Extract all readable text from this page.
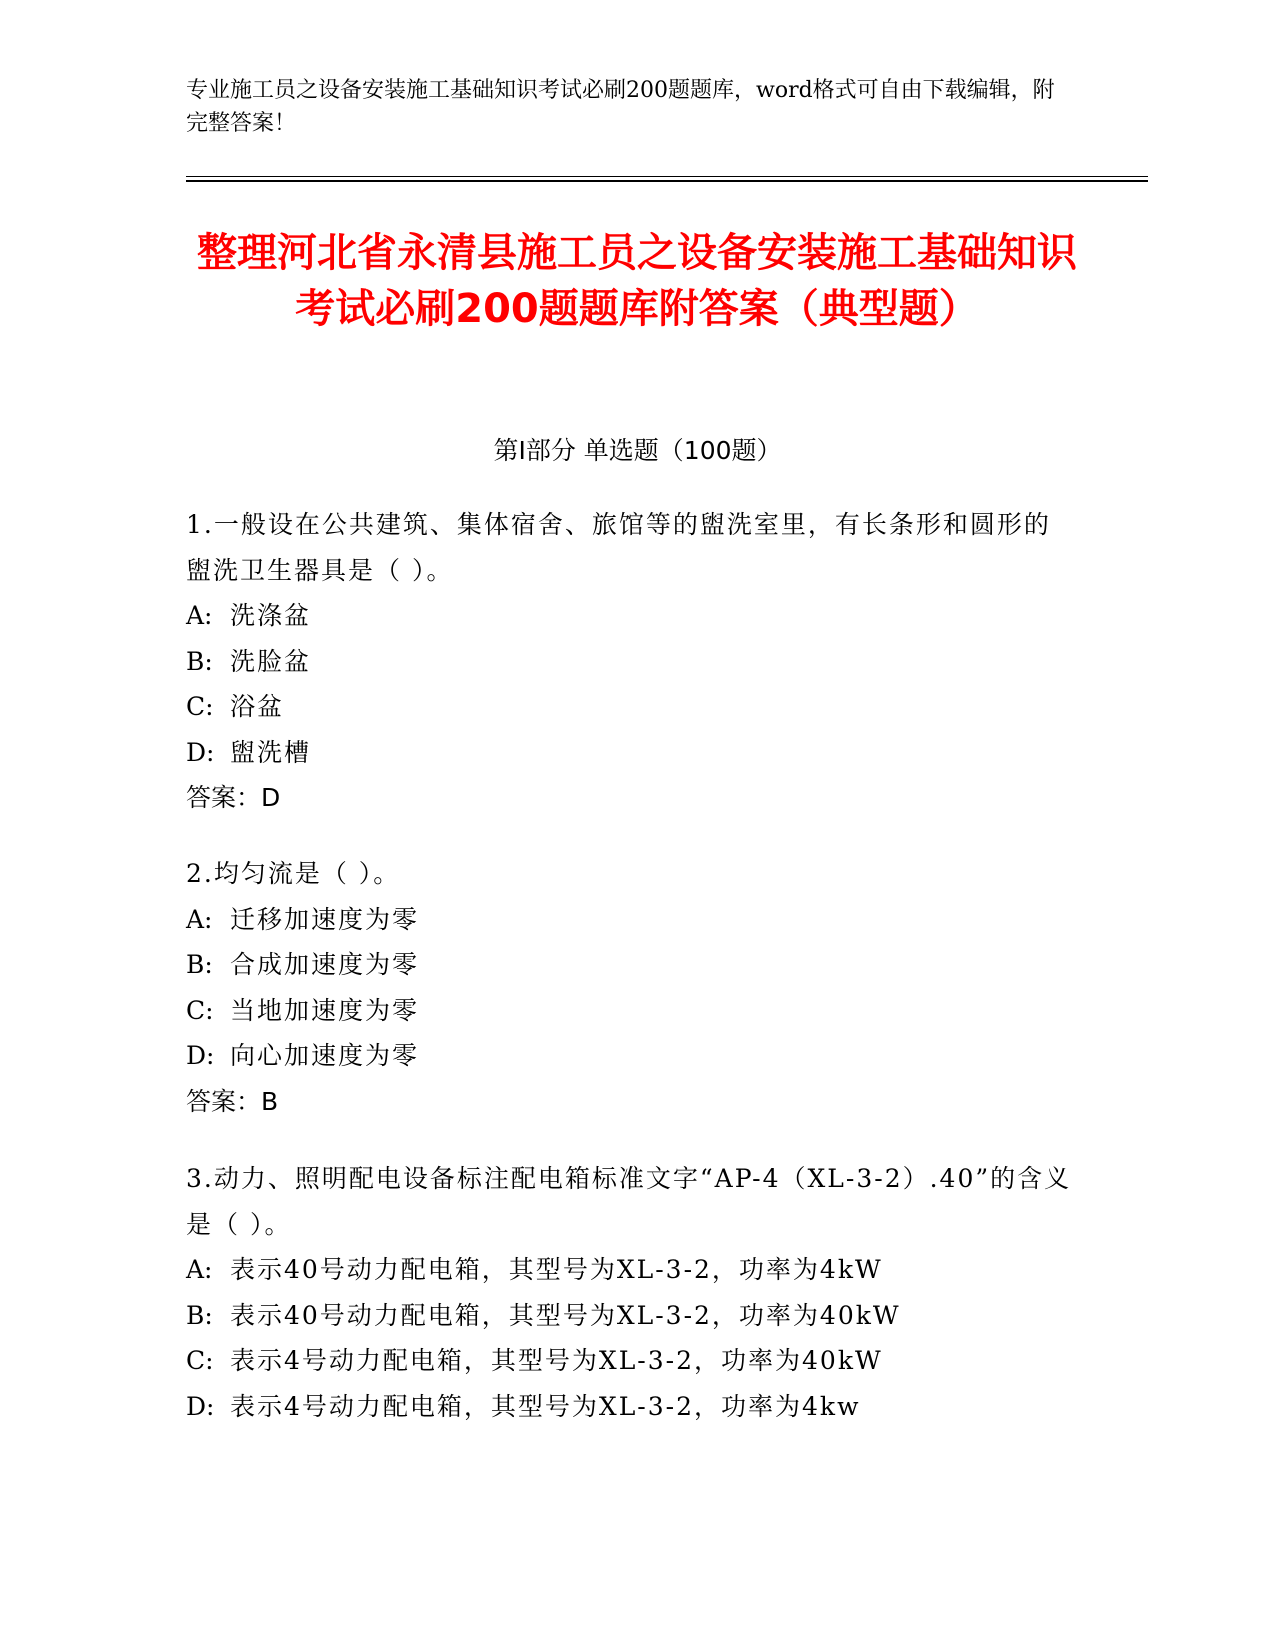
专业施工员之设备安装施工基础知识考试必刷200题题库，word格式可自由下载编辑，附完整答案！
整理河北省永清县施工员之设备安装施工基础知识考试必刷200题题库附答案（典型题）
第Ⅰ部分 单选题（100题）
1.一般设在公共建筑、集体宿舍、旅馆等的盥洗室里，有长条形和圆形的盥洗卫生器具是（ ）。
A: 洗涤盆
B: 洗脸盆
C: 浴盆
D: 盥洗槽
答案：D
2.均匀流是（ ）。
A: 迁移加速度为零
B: 合成加速度为零
C: 当地加速度为零
D: 向心加速度为零
答案：B
3.动力、照明配电设备标注配电箱标准文字“AP-4（XL-3-2）.40”的含义是（ ）。
A: 表示40号动力配电箱，其型号为XL-3-2，功率为4kW
B: 表示40号动力配电箱，其型号为XL-3-2，功率为40kW
C: 表示4号动力配电箱，其型号为XL-3-2，功率为40kW
D: 表示4号动力配电箱，其型号为XL-3-2，功率为4kw
